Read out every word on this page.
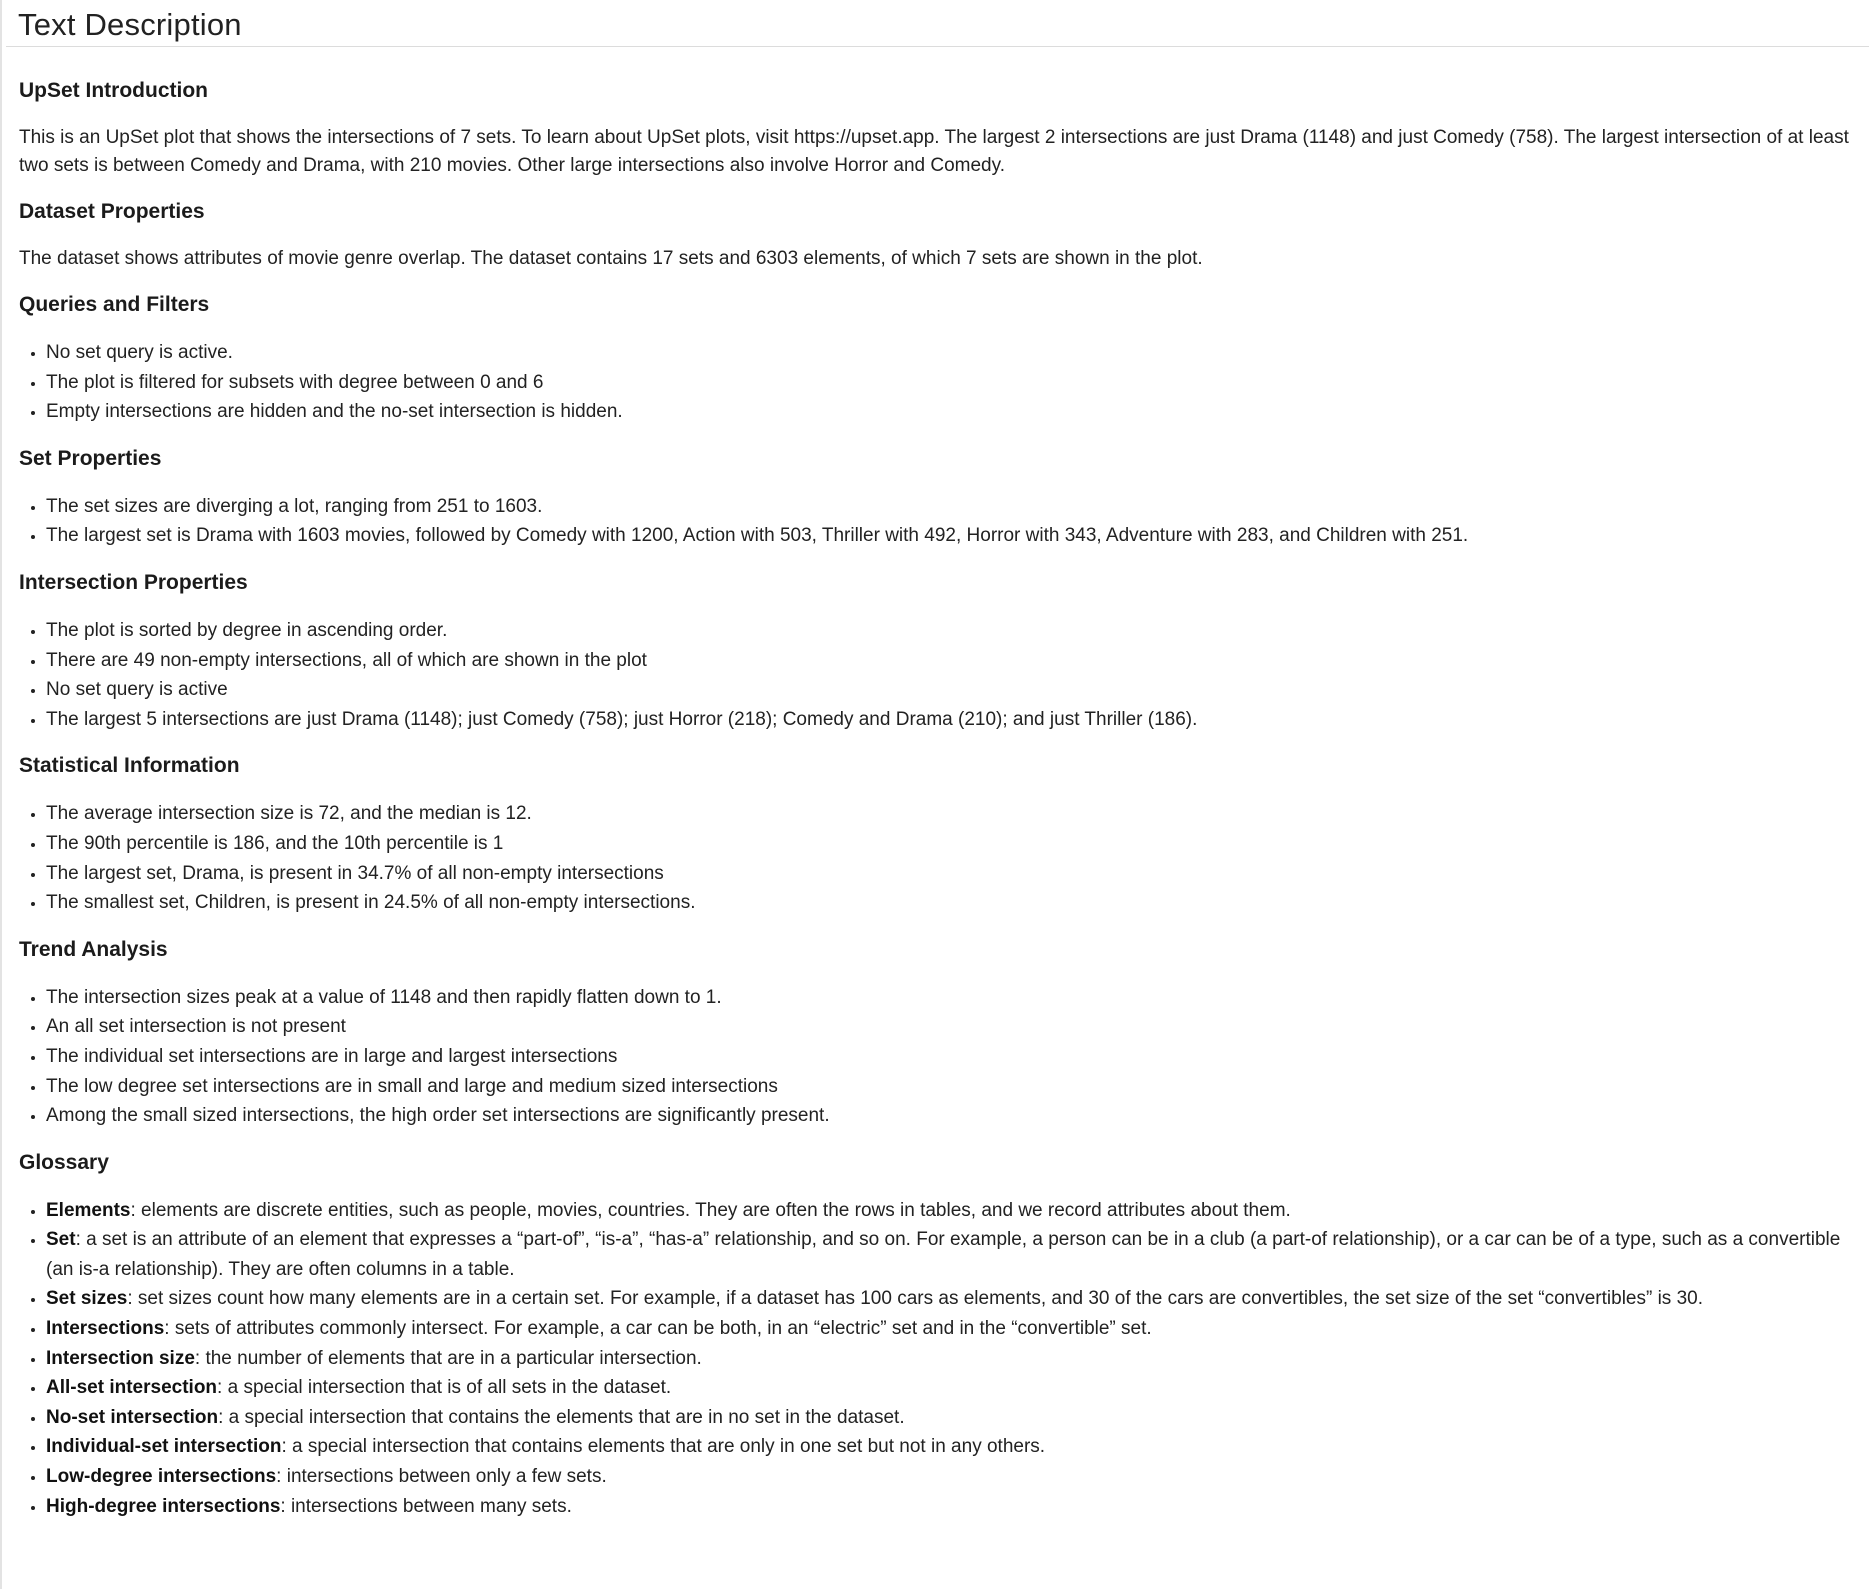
Text Description
UpSet Introduction

This is an UpSet plot that shows the intersections of 7 sets. To learn about UpSet plots, visit https://upset.app. The largest 2 intersections are just Drama (1148) and just Comedy (758). The largest intersection of at least two sets is between Comedy and Drama, with 210 movies. Other large intersections also involve Horror and Comedy.

Dataset Properties

The dataset shows attributes of movie genre overlap. The dataset contains 17 sets and 6303 elements, of which 7 sets are shown in the plot.

Queries and Filters
• No set query is active.
• The plot is filtered for subsets with degree between 0 and 6
• Empty intersections are hidden and the no-set intersection is hidden.
Set Properties
• The set sizes are diverging a lot, ranging from 251 to 1603.
• The largest set is Drama with 1603 movies, followed by Comedy with 1200, Action with 503, Thriller with 492, Horror with 343, Adventure with 283, and Children with 251.
Intersection Properties
• The plot is sorted by degree in ascending order.
• There are 49 non-empty intersections, all of which are shown in the plot
• No set query is active
• The largest 5 intersections are just Drama (1148); just Comedy (758); just Horror (218); Comedy and Drama (210); and just Thriller (186).
Statistical Information
• The average intersection size is 72, and the median is 12.
• The 90th percentile is 186, and the 10th percentile is 1
• The largest set, Drama, is present in 34.7% of all non-empty intersections
• The smallest set, Children, is present in 24.5% of all non-empty intersections.
Trend Analysis
• The intersection sizes peak at a value of 1148 and then rapidly flatten down to 1.
• An all set intersection is not present
• The individual set intersections are in large and largest intersections
• The low degree set intersections are in small and large and medium sized intersections
• Among the small sized intersections, the high order set intersections are significantly present.
Glossary
• Elements: elements are discrete entities, such as people, movies, countries. They are often the rows in tables, and we record attributes about them.
• Set: a set is an attribute of an element that expresses a “part-of”, “is-a”, “has-a” relationship, and so on. For example, a person can be in a club (a part-of relationship), or a car can be of a type, such as a convertible (an is-a relationship). They are often columns in a table.
• Set sizes: set sizes count how many elements are in a certain set. For example, if a dataset has 100 cars as elements, and 30 of the cars are convertibles, the set size of the set “convertibles” is 30.
• Intersections: sets of attributes commonly intersect. For example, a car can be both, in an “electric” set and in the “convertible” set.
• Intersection size: the number of elements that are in a particular intersection.
• All-set intersection: a special intersection that is of all sets in the dataset.
• No-set intersection: a special intersection that contains the elements that are in no set in the dataset.
• Individual-set intersection: a special intersection that contains elements that are only in one set but not in any others.
• Low-degree intersections: intersections between only a few sets.
• High-degree intersections: intersections between many sets.
